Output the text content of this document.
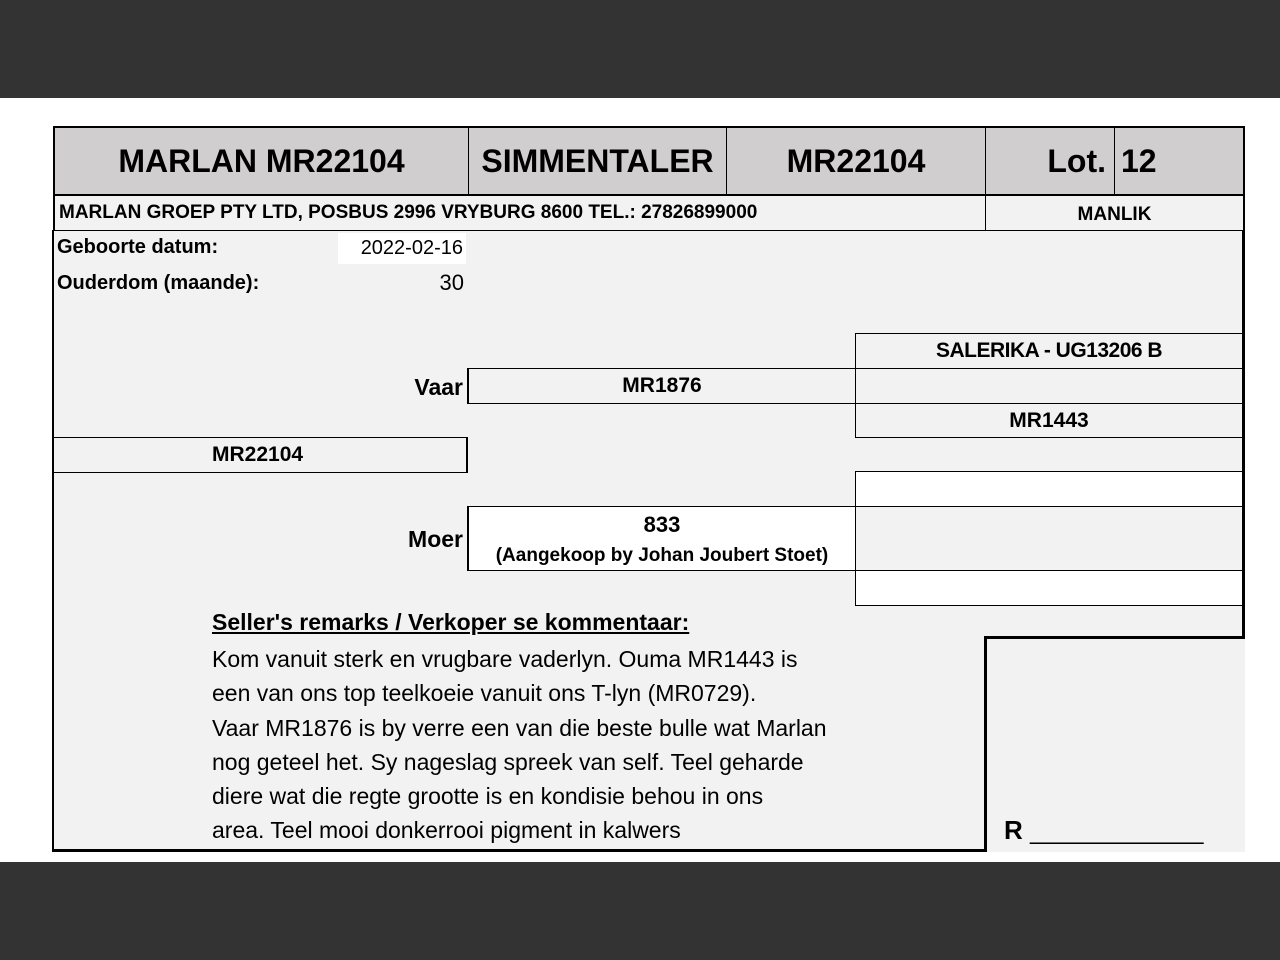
MARLAN MR22104	SIMMENTALER	MR22104	Lot. 12
MARLAN GROEP PTY LTD, POSBUS 2996 VRYBURG 8600 TEL.: 27826899000	MANLIK
Geboorte datum:	2022-02-16
Ouderdom (maande):	30
SALERIKA - UG13206 B
Vaar	MR1876
MR1443
MR22104
Moer
833
(Aangekoop by Johan Joubert Stoet)
Seller's remarks / Verkoper se kommentaar:
Kom vanuit sterk en vrugbare vaderlyn. Ouma MR1443 is
een van ons top teelkoeie vanuit ons T-lyn (MR0729).
Vaar MR1876 is by verre een van die beste bulle wat Marlan
nog geteel het. Sy nageslag spreek van self. Teel geharde
diere wat die regte grootte is en kondisie behou in ons
area. Teel mooi donkerrooi pigment in kalwers	R _____________
